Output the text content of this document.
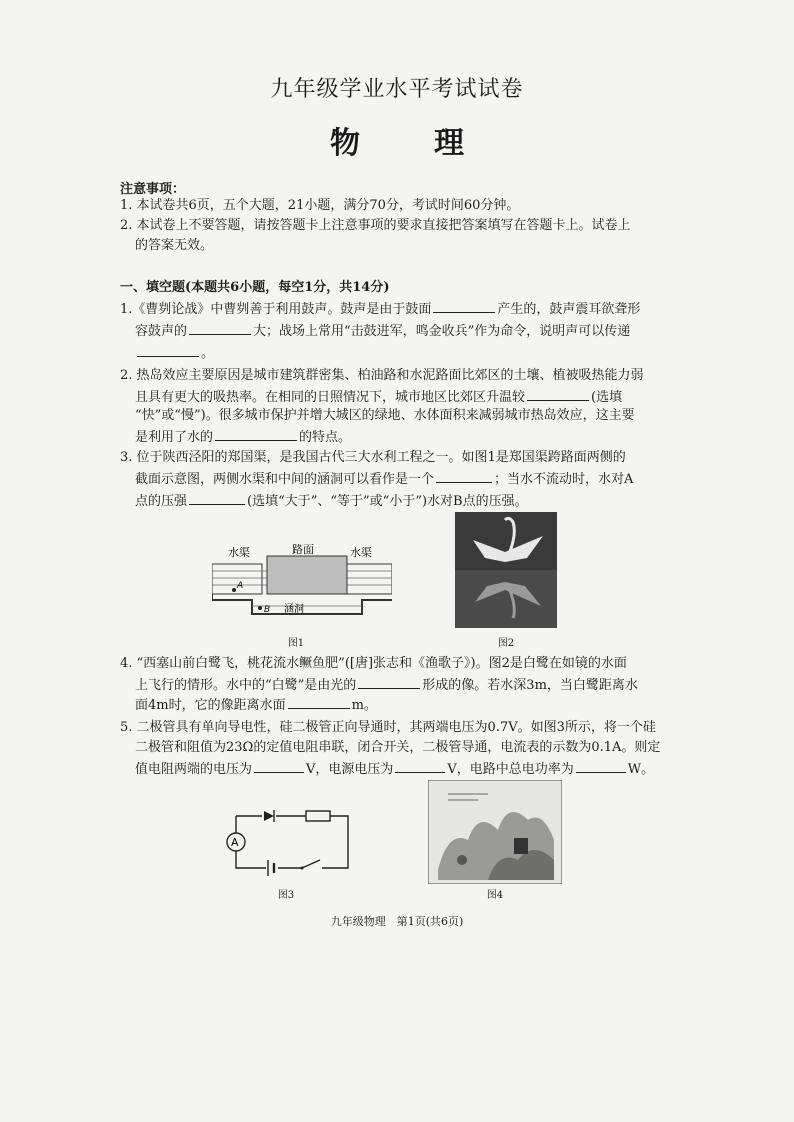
九年级学业水平考试试卷
物　理
注意事项：
1. 本试卷共6页，五个大题，21小题，满分70分，考试时间60分钟。
2. 本试卷上不要答题，请按答题卡上注意事项的要求直接把答案填写在答题卡上。试卷上
的答案无效。
一、填空题(本题共6小题，每空1分，共14分)
1.《曹刿论战》中曹刿善于利用鼓声。鼓声是由于鼓面	产生的，鼓声震耳欲聋形
容鼓声的	大；战场上常用“击鼓进军，鸣金收兵”作为命令，说明声可以传递
。
2. 热岛效应主要原因是城市建筑群密集、柏油路和水泥路面比郊区的土壤、植被吸热能力弱
且具有更大的吸热率。在相同的日照情况下，城市地区比郊区升温较	(选填
“快”或“慢”)。很多城市保护并增大城区的绿地、水体面积来减弱城市热岛效应，这主要
是利用了水的	的特点。
3. 位于陕西泾阳的郑国渠，是我国古代三大水利工程之一。如图1是郑国渠跨路面两侧的
截面示意图，两侧水渠和中间的涵洞可以看作是一个	；当水不流动时，水对A
点的压强	(选填“大于”、“等于”或“小于”)水对B点的压强。
水渠	路面	水渠
A
B 涵洞
图1	图2
4. “西塞山前白鹭飞，桃花流水鳜鱼肥”([唐]张志和《渔歌子》)。图2是白鹭在如镜的水面
上飞行的情形。水中的“白鹭”是由光的	形成的像。若水深3m，当白鹭距离水
面4m时，它的像距离水面	m。
5. 二极管具有单向导电性，硅二极管正向导通时，其两端电压为0.7V。如图3所示，将一个硅
二极管和阻值为23Ω的定值电阻串联，闭合开关，二极管导通，电流表的示数为0.1A。则定
值电阻两端的电压为	V，电源电压为	V，电路中总电功率为	W。
A
图3	图4
九年级物理　第1页(共6页)
